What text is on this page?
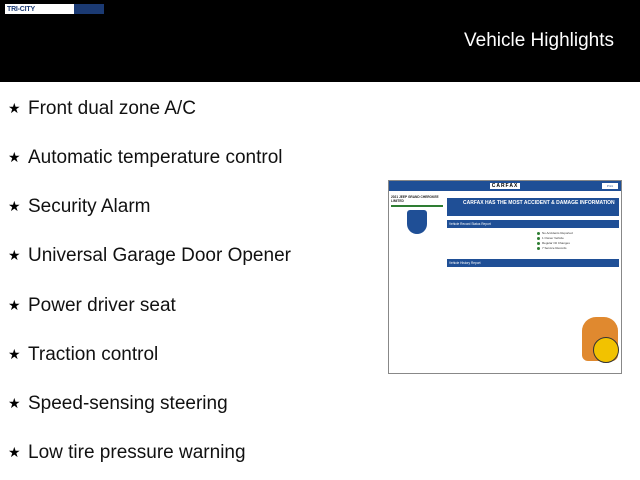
TRI-CITY
Vehicle Highlights
★ Front dual zone A/C
★ Automatic temperature control
★ Security Alarm
★ Universal Garage Door Opener
★ Power driver seat
★ Traction control
★ Speed-sensing steering
★ Low tire pressure warning
CARFAX	Print
2021 JEEP GRAND CHEROKEE LIMITED	CARFAX HAS THE MOST ACCIDENT & DAMAGE INFORMATION
Vehicle Record Status Report
No Accidents Reported
1 Owner Vehicle
Regular Oil Changes
7 Service Records
Vehicle History Report
